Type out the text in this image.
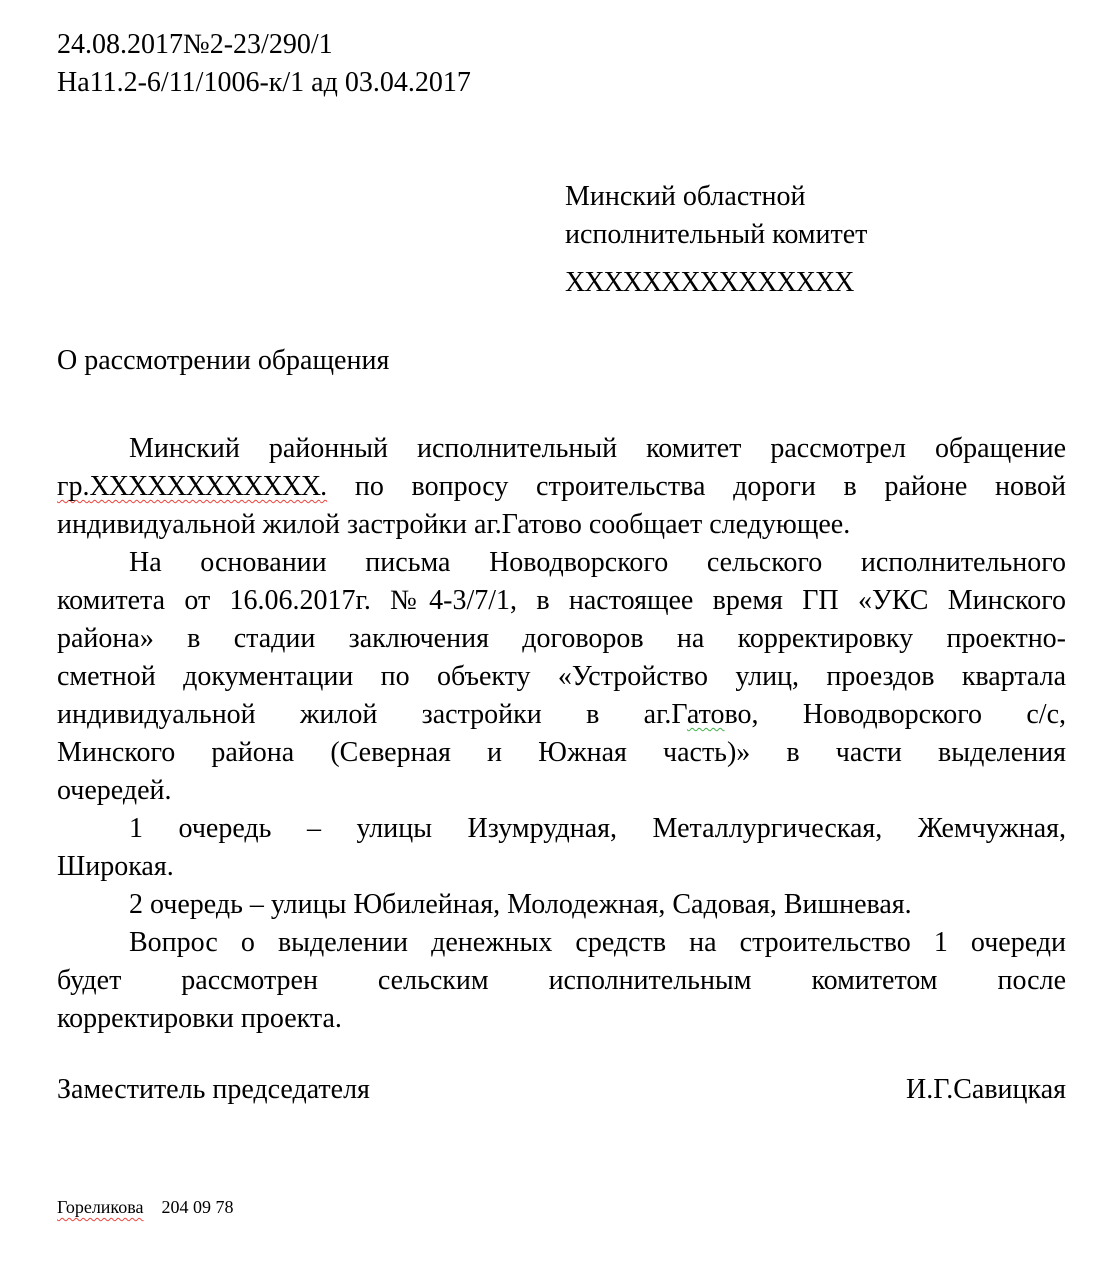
24.08.2017№2-23/290/1
На11.2-6/11/1006-к/1 ад 03.04.2017
Минский областной
исполнительный комитет
ХХХХХХХХХХХХХХХ
О рассмотрении обращения
Минский районный исполнительный комитет рассмотрел обращение
гр.ХХХХХХХХХХХХ. по вопросу строительства дороги в районе новой
индивидуальной жилой застройки аг.Гатово сообщает следующее.
На основании письма Новодворского сельского исполнительного
комитета от 16.06.2017г. №4-3/7/1, в настоящее время ГП «УКС Минского
района» в стадии заключения договоров на корректировку проектно-
сметной документации по объекту «Устройство улиц, проездов квартала
индивидуальной жилой застройки в аг.Гатово, Новодворского с/с,
Минского района (Северная и Южная часть)» в части выделения
очередей.
1 очередь – улицы Изумрудная, Металлургическая, Жемчужная,
Широкая.
2 очередь – улицы Юбилейная, Молодежная, Садовая, Вишневая.
Вопрос о выделении денежных средств на строительство 1 очереди
будет рассмотрен сельским исполнительным комитетом после
корректировки проекта.
Заместитель председателя	И.Г.Савицкая
Гореликова 204 09 78
